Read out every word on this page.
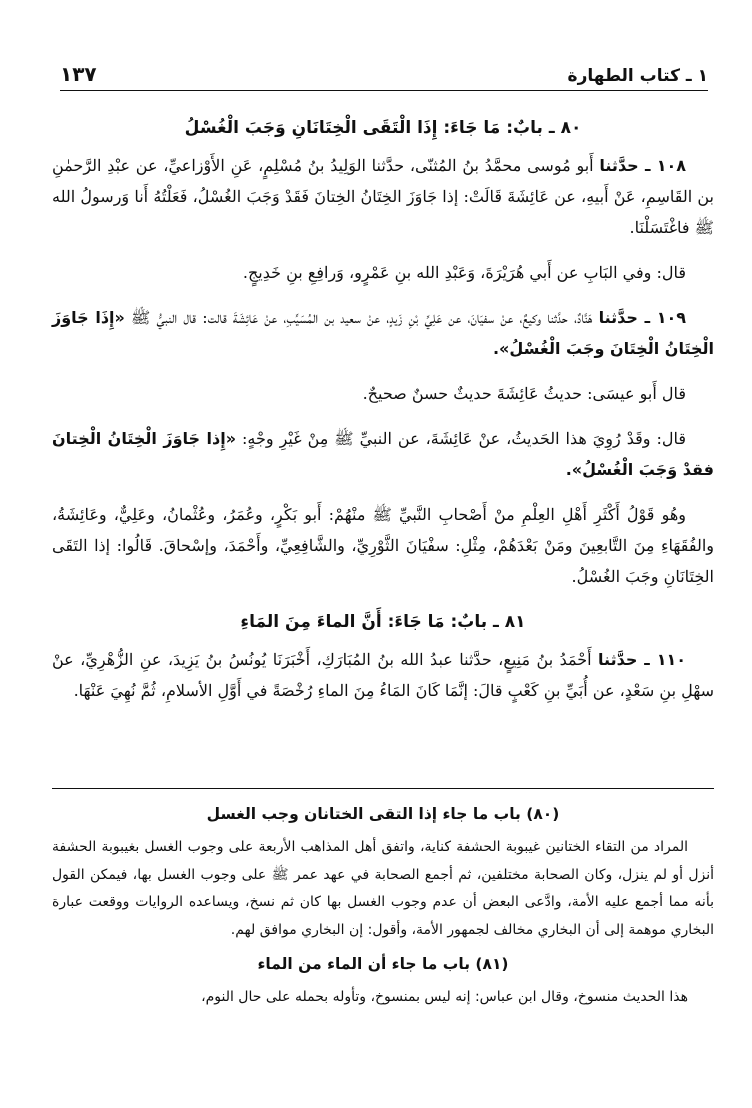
١ ـ كتاب الطهارة
١٣٧
٨٠ ـ بابٌ: مَا جَاءَ: إِذَا الْتَقَى الْخِتَانَانِ وَجَبَ الْغُسْلُ

١٠٨ ـ حدَّثنا أَبو مُوسى محمَّدُ بنُ المُثنّى، حدَّثنا الوَلِيدُ بنُ مُسْلِمٍ، عَنِ الأَوْزاعيِّ، عن عبْدِ الرَّحمٰنِ بن القَاسِمِ، عَنْ أَبيهِ، عن عَائِشَةَ قَالَتْ: إذا جَاوَزَ الخِتَانُ الخِتانَ فَقَدْ وَجَبَ الغُسْلُ، فَعَلْتُهُ أَنا وَرسولُ الله ﷺ فاغْتَسَلْنَا.

قال: وفي البَابِ عن أَبي هُرَيْرَةَ، وَعَبْدِ الله بنِ عَمْرٍو، وَرافِعِ بنِ خَدِيجٍ.

١٠٩ ـ حدَّثنا هَنَّادٌ، حدَّثنا وكيعٌ، عنْ سفيَانَ، عن عَلِيِّ بْنِ زَيدٍ، عنْ سعيد بن المُسَيِّبِ، عنْ عَائِشَةَ قالت: قال النبيُّ ﷺ «إِذَا جَاوَزَ الْخِتَانُ الْخِتَانَ وجَبَ الْغُسْلُ».

قال أَبو عيسَى: حديثُ عَائِشَةَ حديثٌ حسنٌ صحيحٌ.

قال: وقَدْ رُوِيَ هذا الحَديثُ، عنْ عَائِشَةَ، عن النبيِّ ﷺ مِنْ غَيْرِ وجْهٍ: «إِذا جَاوَزَ الْخِتَانُ الْخِتانَ فقدْ وَجَبَ الْغُسْلُ».

وهُو قَوْلُ أَكْثَرِ أَهْلِ العِلْمِ منْ أَصْحابِ النَّبيِّ ﷺ منْهُمْ: أَبو بَكْرٍ، وعُمَرُ، وعُثْمانُ، وعَلِيٌّ، وعَائِشَةُ، والفُقَهَاءِ مِنَ التَّابعِينَ ومَنْ بَعْدَهُمْ، مِثْلِ: سفْيَانَ الثَّوْرِيِّ، والشَّافِعِيِّ، وأَحْمَدَ، وإسْحاقَ. قَالُوا: إذا التَقَى الخِتَانَانِ وجَبَ الغُسْلُ.

٨١ ـ بابٌ: مَا جَاءَ: أَنَّ الماءَ مِنَ المَاءِ

١١٠ ـ حدَّثنا أَحْمَدُ بنُ مَنِيعٍ، حدَّثنا عبدُ الله بنُ المُبَارَكِ، أَخْبَرَنَا يُونُسُ بنُ يَزِيدَ، عنِ الزُّهْرِيِّ، عنْ سهْلِ بنِ سَعْدٍ، عن أُبَيِّ بنِ كَعْبٍ قالَ: إنَّمَا كَانَ المَاءُ مِنَ الماءِ رُخْصَةً في أَوَّلِ الأسلامِ، ثُمَّ نُهِيَ عَنْهَا.

(٨٠) باب ما جاء إذا التقى الختانان وجب الغسل

المراد من التقاء الختانين غيبوبة الحشفة كناية، واتفق أهل المذاهب الأربعة على وجوب الغسل بغيبوبة الحشفة أنزل أو لم ينزل، وكان الصحابة مختلفين، ثم أجمع الصحابة في عهد عمر ﷺ على وجوب الغسل بها، فيمكن القول بأنه مما أجمع عليه الأمة، وادَّعى البعض أن عدم وجوب الغسل بها كان ثم نسخ، ويساعده الروايات ووقعت عبارة البخاري موهمة إلى أن البخاري مخالف لجمهور الأمة، وأقول: إن البخاري موافق لهم.

(٨١) باب ما جاء أن الماء من الماء

هذا الحديث منسوخ، وقال ابن عباس: إنه ليس بمنسوخ، وتأوله بحمله على حال النوم،
